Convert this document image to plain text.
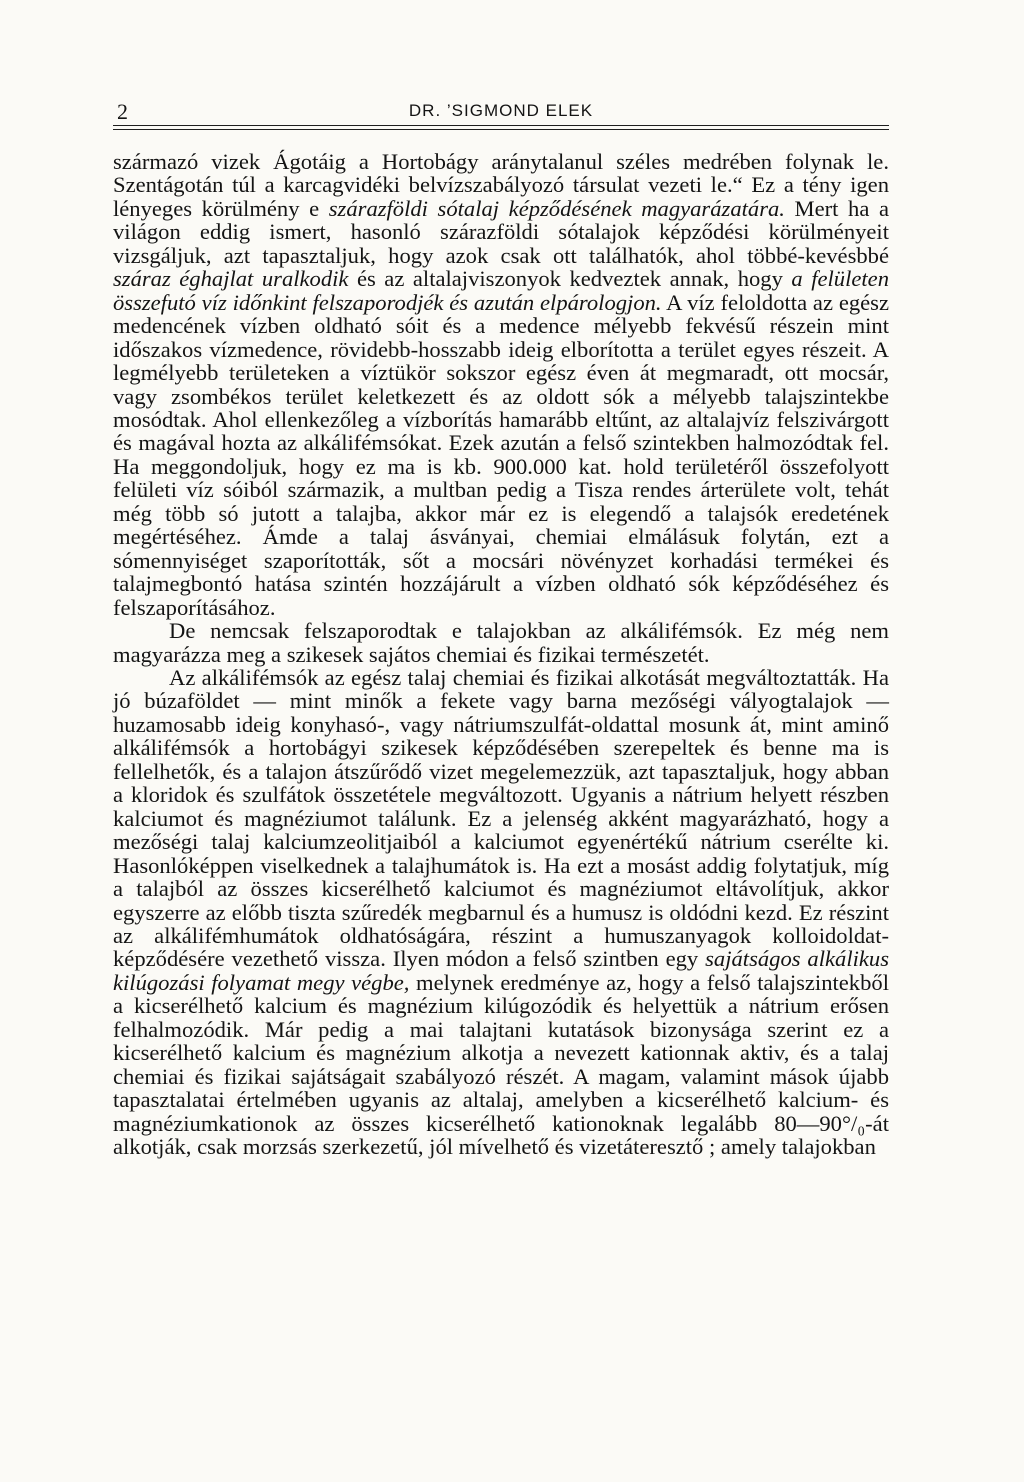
2	DR. ’SIGMOND ELEK

származó vizek Ágotáig a Hortobágy aránytalanul széles medrében folynak le. Szentágotán túl a karcagvidéki belvízszabályozó társulat vezeti le.“ Ez a tény igen lényeges körülmény e szárazföldi sótalaj képződésének magyarázatára. Mert ha a világon eddig ismert, hasonló szárazföldi sótalajok képződési körülményeit vizsgáljuk, azt tapasztaljuk, hogy azok csak ott találhatók, ahol többé-kevésbbé száraz éghajlat uralkodik és az altalajviszonyok kedveztek annak, hogy a felületen összefutó víz időnkint felszaporodjék és azután elpárologjon. A víz feloldotta az egész medencének vízben oldható sóit és a medence mélyebb fekvésű részein mint időszakos vízmedence, rövidebb-hosszabb ideig elborította a terület egyes részeit. A legmélyebb területeken a víztükör sokszor egész éven át megmaradt, ott mocsár, vagy zsombékos terület keletkezett és az oldott sók a mélyebb talajszintekbe mosódtak. Ahol ellenkezőleg a vízborítás hamarább eltűnt, az altalajvíz felszivárgott és magával hozta az alkálifémsókat. Ezek azután a felső szintekben halmozódtak fel. Ha meggondoljuk, hogy ez ma is kb. 900.000 kat. hold területéről összefolyott felületi víz sóiból származik, a multban pedig a Tisza rendes árterülete volt, tehát még több só jutott a talajba, akkor már ez is elegendő a talajsók eredetének megértéséhez. Ámde a talaj ásványai, chemiai elmálásuk folytán, ezt a sómennyiséget szaporították, sőt a mocsári növényzet korhadási termékei és talajmegbontó hatása szintén hozzájárult a vízben oldható sók képződéséhez és felszaporításához.

De nemcsak felszaporodtak e talajokban az alkálifémsók. Ez még nem magyarázza meg a szikesek sajátos chemiai és fizikai természetét.

Az alkálifémsók az egész talaj chemiai és fizikai alkotását megváltoztatták. Ha jó búzaföldet — mint minők a fekete vagy barna mezőségi vályogtalajok — huzamosabb ideig konyhasó-, vagy nátriumszulfát-oldattal mosunk át, mint aminő alkálifémsók a hortobágyi szikesek képződésében szerepeltek és benne ma is fellelhetők, és a talajon átszűrődő vizet megelemezzük, azt tapasztaljuk, hogy abban a kloridok és szulfátok összetétele megváltozott. Ugyanis a nátrium helyett részben kalciumot és magnéziumot találunk. Ez a jelenség akként magyarázható, hogy a mezőségi talaj kalciumzeolitjaiból a kalciumot egyenértékű nátrium cserélte ki. Hasonlóképpen viselkednek a talajhumátok is. Ha ezt a mosást addig folytatjuk, míg a talajból az összes kicserélhető kalciumot és magnéziumot eltávolítjuk, akkor egyszerre az előbb tiszta szűredék megbarnul és a humusz is oldódni kezd. Ez részint az alkálifémhumátok oldhatóságára, részint a humuszanyagok kolloidoldat-képződésére vezethető vissza. Ilyen módon a felső szintben egy sajátságos alkálikus kilúgozási folyamat megy végbe, melynek eredménye az, hogy a felső talajszintekből a kicserélhető kalcium és magnézium kilúgozódik és helyettük a nátrium erősen felhalmozódik. Már pedig a mai talajtani kutatások bizonysága szerint ez a kicserélhető kalcium és magnézium alkotja a nevezett kationnak aktiv, és a talaj chemiai és fizikai sajátságait szabályozó részét. A magam, valamint mások újabb tapasztalatai értelmében ugyanis az altalaj, amelyben a kicserélhető kalcium- és magnéziumkationok az összes kicserélhető kationoknak legalább 80—90°/₀-át alkotják, csak morzsás szerkezetű, jól mívelhető és vizetáteresztő ; amely talajokban
